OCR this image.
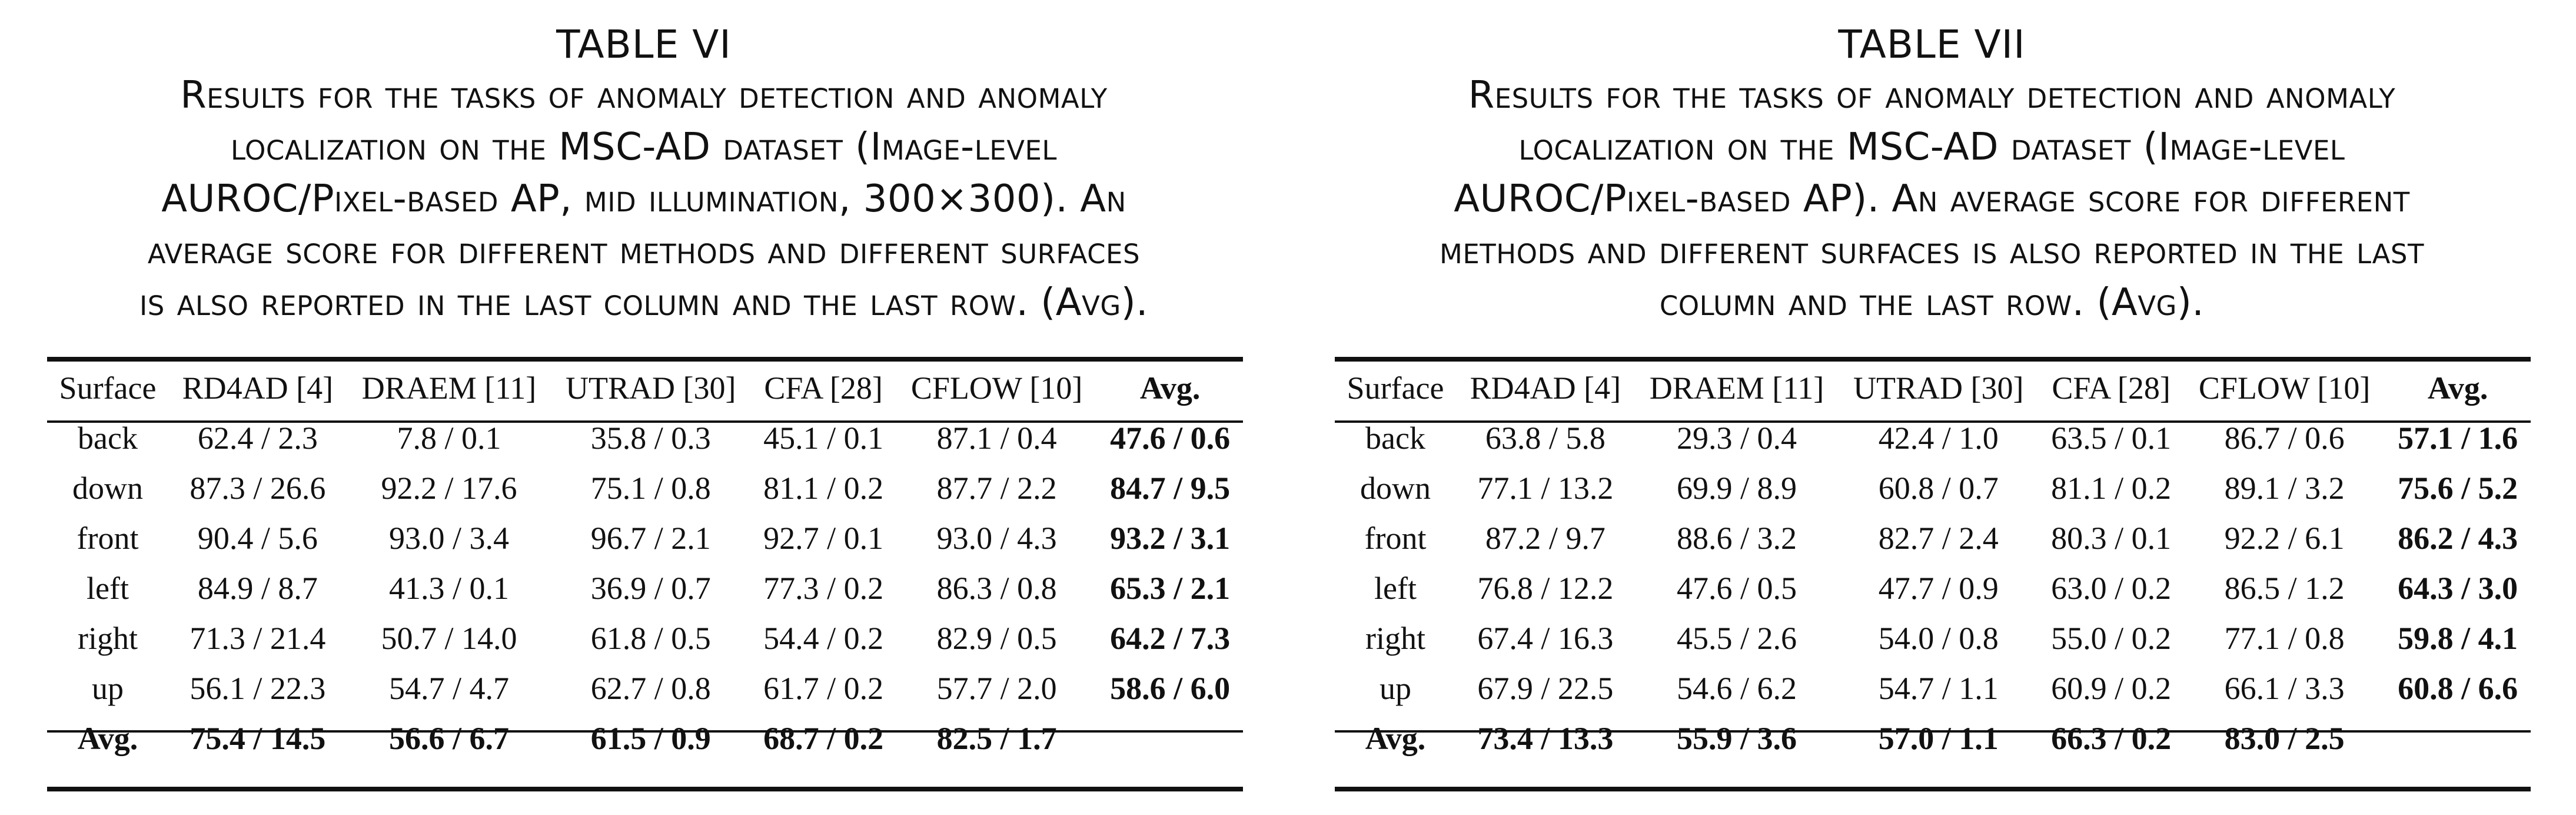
TABLE VI
Results for the tasks of anomaly detection and anomaly
localization on the MSC-AD dataset (Image-level
AUROC/Pixel-based AP, mid illumination, 300×300). An
average score for different methods and different surfaces
is also reported in the last column and the last row. (Avg).
Surface	RD4AD [4]	DRAEM [11]	UTRAD [30]	CFA [28]	CFLOW [10]	Avg.
back	62.4 / 2.3	7.8 / 0.1	35.8 / 0.3	45.1 / 0.1	87.1 / 0.4	47.6 / 0.6
down	87.3 / 26.6	92.2 / 17.6	75.1 / 0.8	81.1 / 0.2	87.7 / 2.2	84.7 / 9.5
front	90.4 / 5.6	93.0 / 3.4	96.7 / 2.1	92.7 / 0.1	93.0 / 4.3	93.2 / 3.1
left	84.9 / 8.7	41.3 / 0.1	36.9 / 0.7	77.3 / 0.2	86.3 / 0.8	65.3 / 2.1
right	71.3 / 21.4	50.7 / 14.0	61.8 / 0.5	54.4 / 0.2	82.9 / 0.5	64.2 / 7.3
up	56.1 / 22.3	54.7 / 4.7	62.7 / 0.8	61.7 / 0.2	57.7 / 2.0	58.6 / 6.0
Avg.	75.4 / 14.5	56.6 / 6.7	61.5 / 0.9	68.7 / 0.2	82.5 / 1.7	
TABLE VII
Results for the tasks of anomaly detection and anomaly
localization on the MSC-AD dataset (Image-level
AUROC/Pixel-based AP). An average score for different
methods and different surfaces is also reported in the last
column and the last row. (Avg).
Surface	RD4AD [4]	DRAEM [11]	UTRAD [30]	CFA [28]	CFLOW [10]	Avg.
back	63.8 / 5.8	29.3 / 0.4	42.4 / 1.0	63.5 / 0.1	86.7 / 0.6	57.1 / 1.6
down	77.1 / 13.2	69.9 / 8.9	60.8 / 0.7	81.1 / 0.2	89.1 / 3.2	75.6 / 5.2
front	87.2 / 9.7	88.6 / 3.2	82.7 / 2.4	80.3 / 0.1	92.2 / 6.1	86.2 / 4.3
left	76.8 / 12.2	47.6 / 0.5	47.7 / 0.9	63.0 / 0.2	86.5 / 1.2	64.3 / 3.0
right	67.4 / 16.3	45.5 / 2.6	54.0 / 0.8	55.0 / 0.2	77.1 / 0.8	59.8 / 4.1
up	67.9 / 22.5	54.6 / 6.2	54.7 / 1.1	60.9 / 0.2	66.1 / 3.3	60.8 / 6.6
Avg.	73.4 / 13.3	55.9 / 3.6	57.0 / 1.1	66.3 / 0.2	83.0 / 2.5	
